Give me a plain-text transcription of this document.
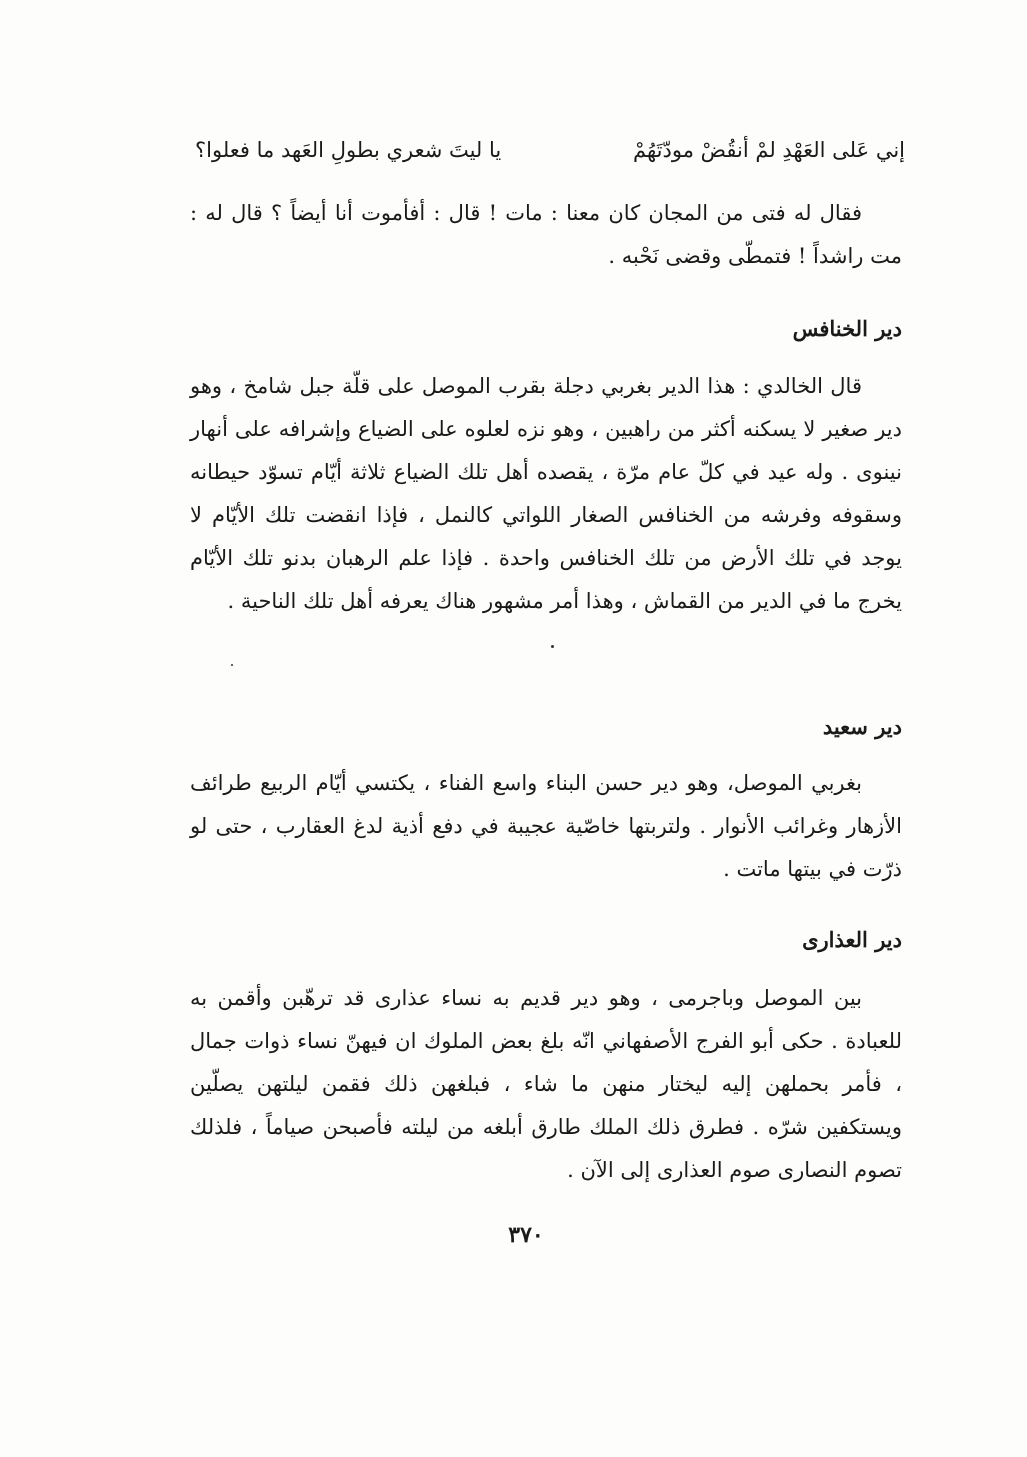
إني عَلى العَهْدِ لمْ أنقُضْ مودّتَهُمْ
يا ليتَ شعري بطولِ العَهد ما فعلوا؟

فقال له فتى من المجان كان معنا : مات ! قال : أفأموت أنا أيضاً ؟ قال له : مت راشداً ! فتمطّى وقضى نَحْبه .

دير الخنافس

قال الخالدي : هذا الدير بغربي دجلة بقرب الموصل على قلّة جبل شامخ ، وهو دير صغير لا يسكنه أكثر من راهبين ، وهو نزه لعلوه على الضياع وإشرافه على أنهار نينوى . وله عيد في كلّ عام مرّة ، يقصده أهل تلك الضياع ثلاثة أيّام تسوّد حيطانه وسقوفه وفرشه من الخنافس الصغار اللواتي كالنمل ، فإذا انقضت تلك الأيّام لا يوجد في تلك الأرض من تلك الخنافس واحدة . فإذا علم الرهبان بدنو تلك الأيّام يخرج ما في الدير من القماش ، وهذا أمر مشهور هناك يعرفه أهل تلك الناحية .

دير سعيد

بغربي الموصل، وهو دير حسن البناء واسع الفناء ، يكتسي أيّام الربيع طرائف الأزهار وغرائب الأنوار . ولتربتها خاصّية عجيبة في دفع أذية لدغ العقارب ، حتى لو ذرّت في بيتها ماتت .

دير العذارى

بين الموصل وباجرمى ، وهو دير قديم به نساء عذارى قد ترهّبن وأقمن به للعبادة . حكى أبو الفرج الأصفهاني انّه بلغ بعض الملوك ان فيهنّ نساء ذوات جمال ، فأمر بحملهن إليه ليختار منهن ما شاء ، فبلغهن ذلك فقمن ليلتهن يصلّين ويستكفين شرّه . فطرق ذلك الملك طارق أبلغه من ليلته فأصبحن صياماً ، فلذلك تصوم النصارى صوم العذارى إلى الآن .

٣٧٠
